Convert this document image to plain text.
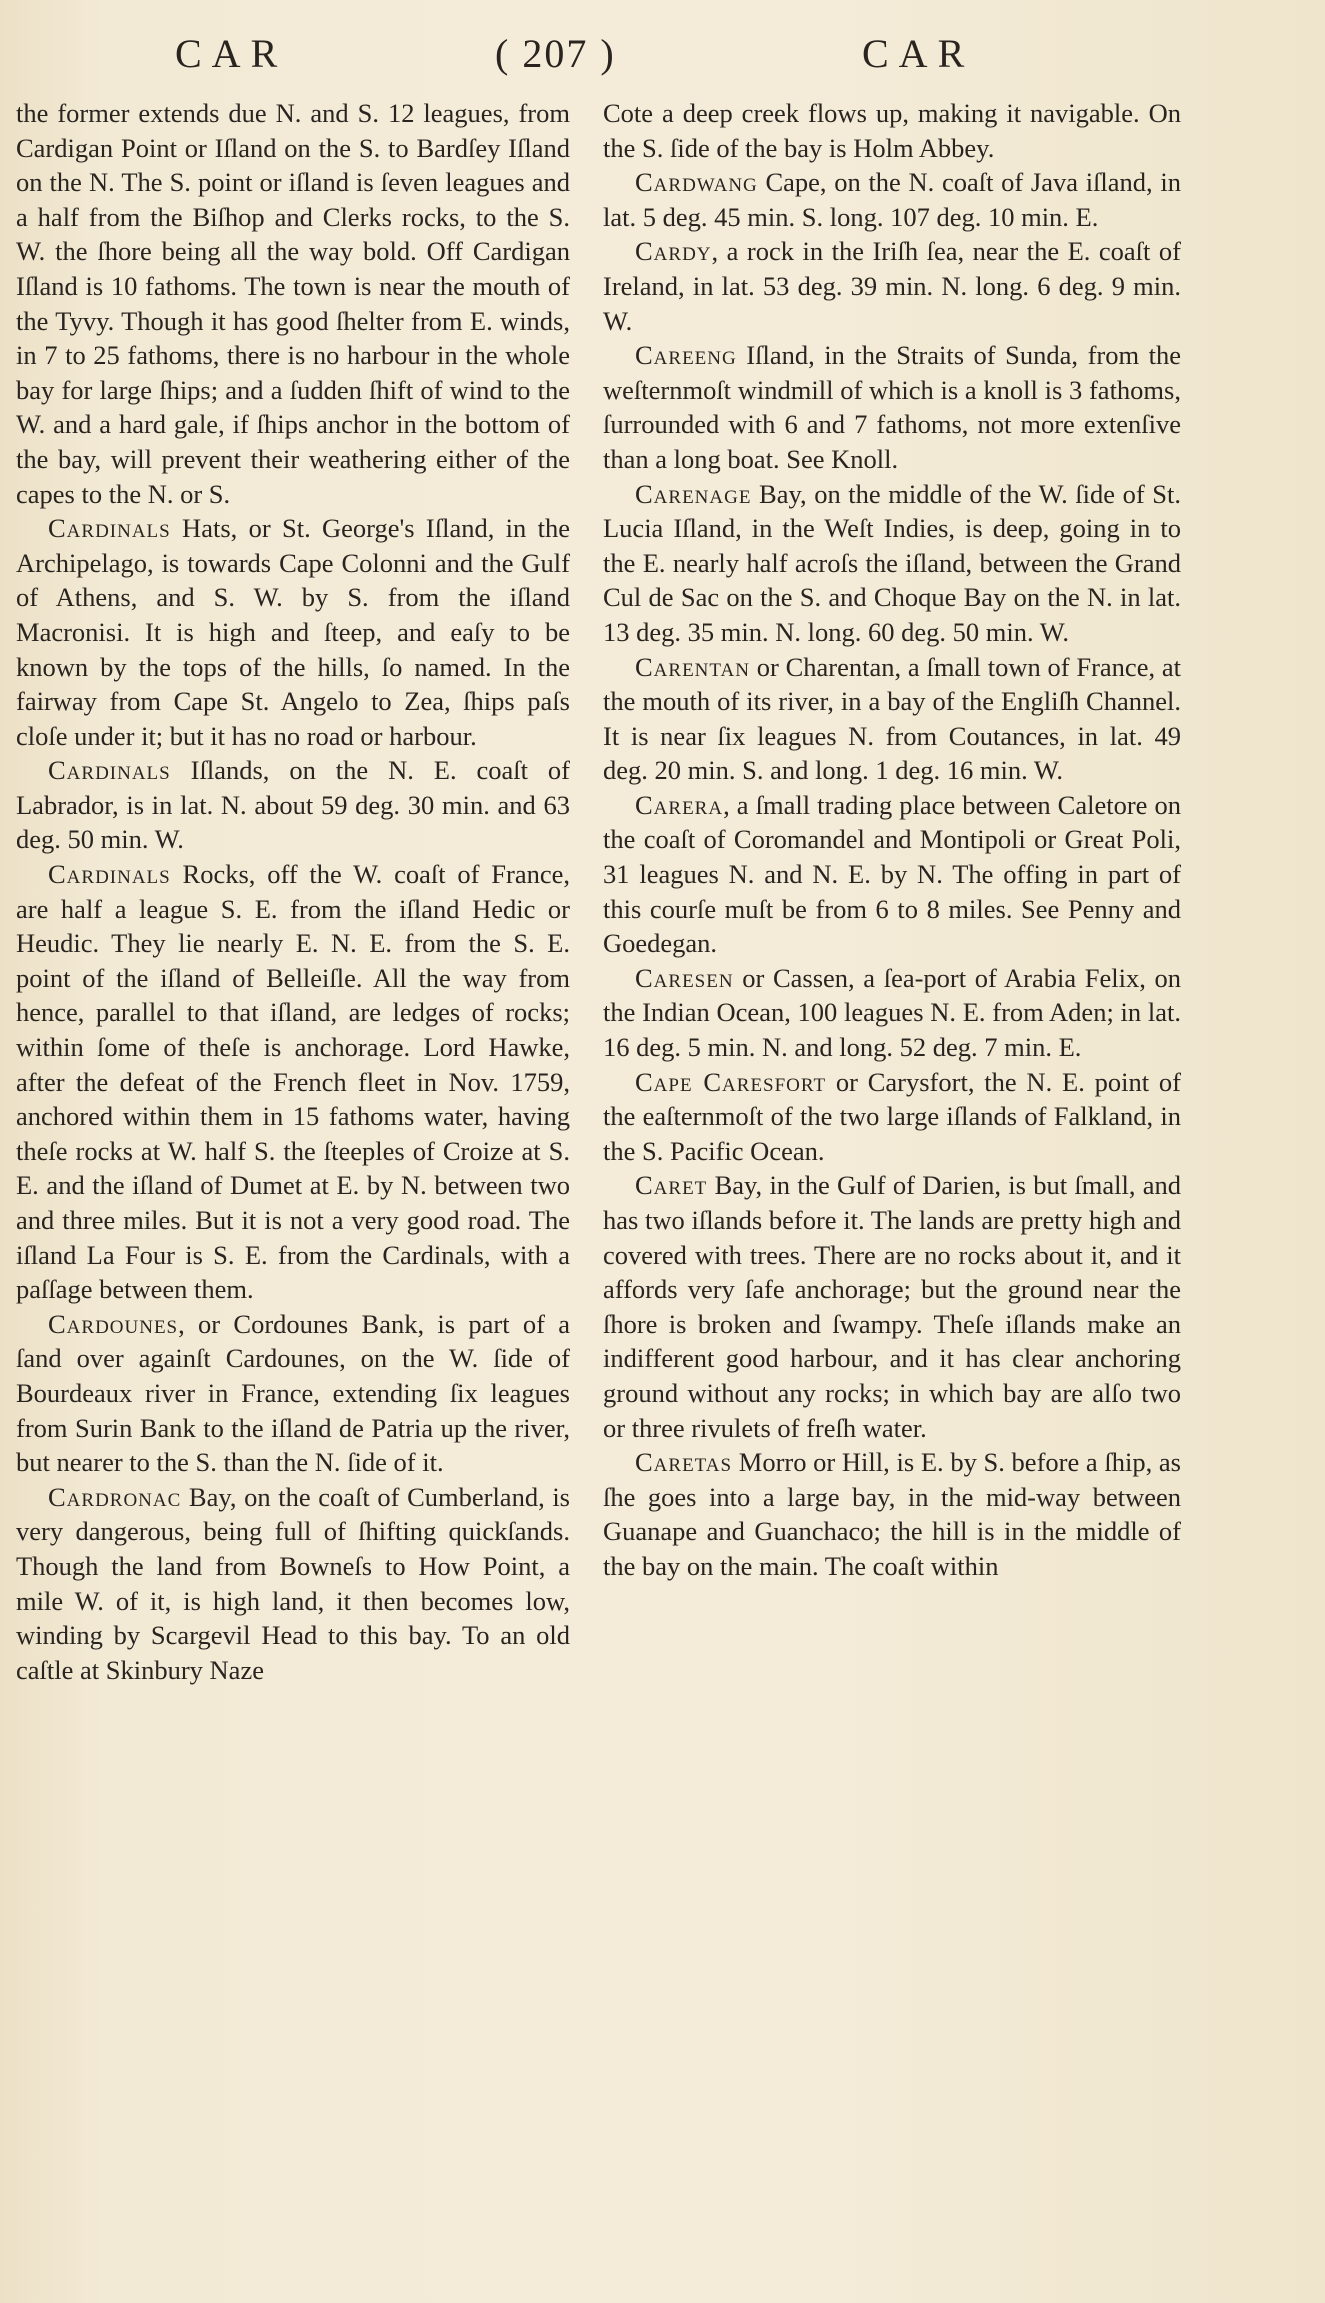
CAR	( 207 )	CAR

the former extends due N. and S. 12 leagues, from Cardigan Point or Iſland on the S. to Bardſey Iſland on the N. The S. point or iſland is ſeven leagues and a half from the Biſhop and Clerks rocks, to the S. W. the ſhore being all the way bold. Off Cardigan Iſland is 10 fathoms. The town is near the mouth of the Tyvy. Though it has good ſhelter from E. winds, in 7 to 25 fathoms, there is no harbour in the whole bay for large ſhips; and a ſudden ſhift of wind to the W. and a hard gale, if ſhips anchor in the bottom of the bay, will prevent their weathering either of the capes to the N. or S.

Cardinals Hats, or St. George's Iſland, in the Archipelago, is towards Cape Colonni and the Gulf of Athens, and S. W. by S. from the iſland Macronisi. It is high and ſteep, and eaſy to be known by the tops of the hills, ſo named. In the fairway from Cape St. Angelo to Zea, ſhips paſs cloſe under it; but it has no road or harbour.

Cardinals Iſlands, on the N. E. coaſt of Labrador, is in lat. N. about 59 deg. 30 min. and 63 deg. 50 min. W.

Cardinals Rocks, off the W. coaſt of France, are half a league S. E. from the iſland Hedic or Heudic. They lie nearly E. N. E. from the S. E. point of the iſland of Belleiſle. All the way from hence, parallel to that iſland, are ledges of rocks; within ſome of theſe is anchorage. Lord Hawke, after the defeat of the French fleet in Nov. 1759, anchored within them in 15 fathoms water, having theſe rocks at W. half S. the ſteeples of Croize at S. E. and the iſland of Dumet at E. by N. between two and three miles. But it is not a very good road. The iſland La Four is S. E. from the Cardinals, with a paſſage between them.

Cardounes, or Cordounes Bank, is part of a ſand over againſt Cardounes, on the W. ſide of Bourdeaux river in France, extending ſix leagues from Surin Bank to the iſland de Patria up the river, but nearer to the S. than the N. ſide of it.

Cardronac Bay, on the coaſt of Cumberland, is very dangerous, being full of ſhifting quickſands. Though the land from Bowneſs to How Point, a mile W. of it, is high land, it then becomes low, winding by Scargevil Head to this bay. To an old caſtle at Skinbury Naze

Cote a deep creek flows up, making it navigable. On the S. ſide of the bay is Holm Abbey.

Cardwang Cape, on the N. coaſt of Java iſland, in lat. 5 deg. 45 min. S. long. 107 deg. 10 min. E.

Cardy, a rock in the Iriſh ſea, near the E. coaſt of Ireland, in lat. 53 deg. 39 min. N. long. 6 deg. 9 min. W.

Careeng Iſland, in the Straits of Sunda, from the weſternmoſt windmill of which is a knoll is 3 fathoms, ſurrounded with 6 and 7 fathoms, not more extenſive than a long boat. See Knoll.

Carenage Bay, on the middle of the W. ſide of St. Lucia Iſland, in the Weſt Indies, is deep, going in to the E. nearly half acroſs the iſland, between the Grand Cul de Sac on the S. and Choque Bay on the N. in lat. 13 deg. 35 min. N. long. 60 deg. 50 min. W.

Carentan or Charentan, a ſmall town of France, at the mouth of its river, in a bay of the Engliſh Channel. It is near ſix leagues N. from Coutances, in lat. 49 deg. 20 min. S. and long. 1 deg. 16 min. W.

Carera, a ſmall trading place between Caletore on the coaſt of Coromandel and Montipoli or Great Poli, 31 leagues N. and N. E. by N. The offing in part of this courſe muſt be from 6 to 8 miles. See Penny and Goedegan.

Caresen or Cassen, a ſea-port of Arabia Felix, on the Indian Ocean, 100 leagues N. E. from Aden; in lat. 16 deg. 5 min. N. and long. 52 deg. 7 min. E.

Cape Caresfort or Carysfort, the N. E. point of the eaſternmoſt of the two large iſlands of Falkland, in the S. Pacific Ocean.

Caret Bay, in the Gulf of Darien, is but ſmall, and has two iſlands before it. The lands are pretty high and covered with trees. There are no rocks about it, and it affords very ſafe anchorage; but the ground near the ſhore is broken and ſwampy. Theſe iſlands make an indifferent good harbour, and it has clear anchoring ground without any rocks; in which bay are alſo two or three rivulets of freſh water.

Caretas Morro or Hill, is E. by S. before a ſhip, as ſhe goes into a large bay, in the mid-way between Guanape and Guanchaco; the hill is in the middle of the bay on the main. The coaſt within
